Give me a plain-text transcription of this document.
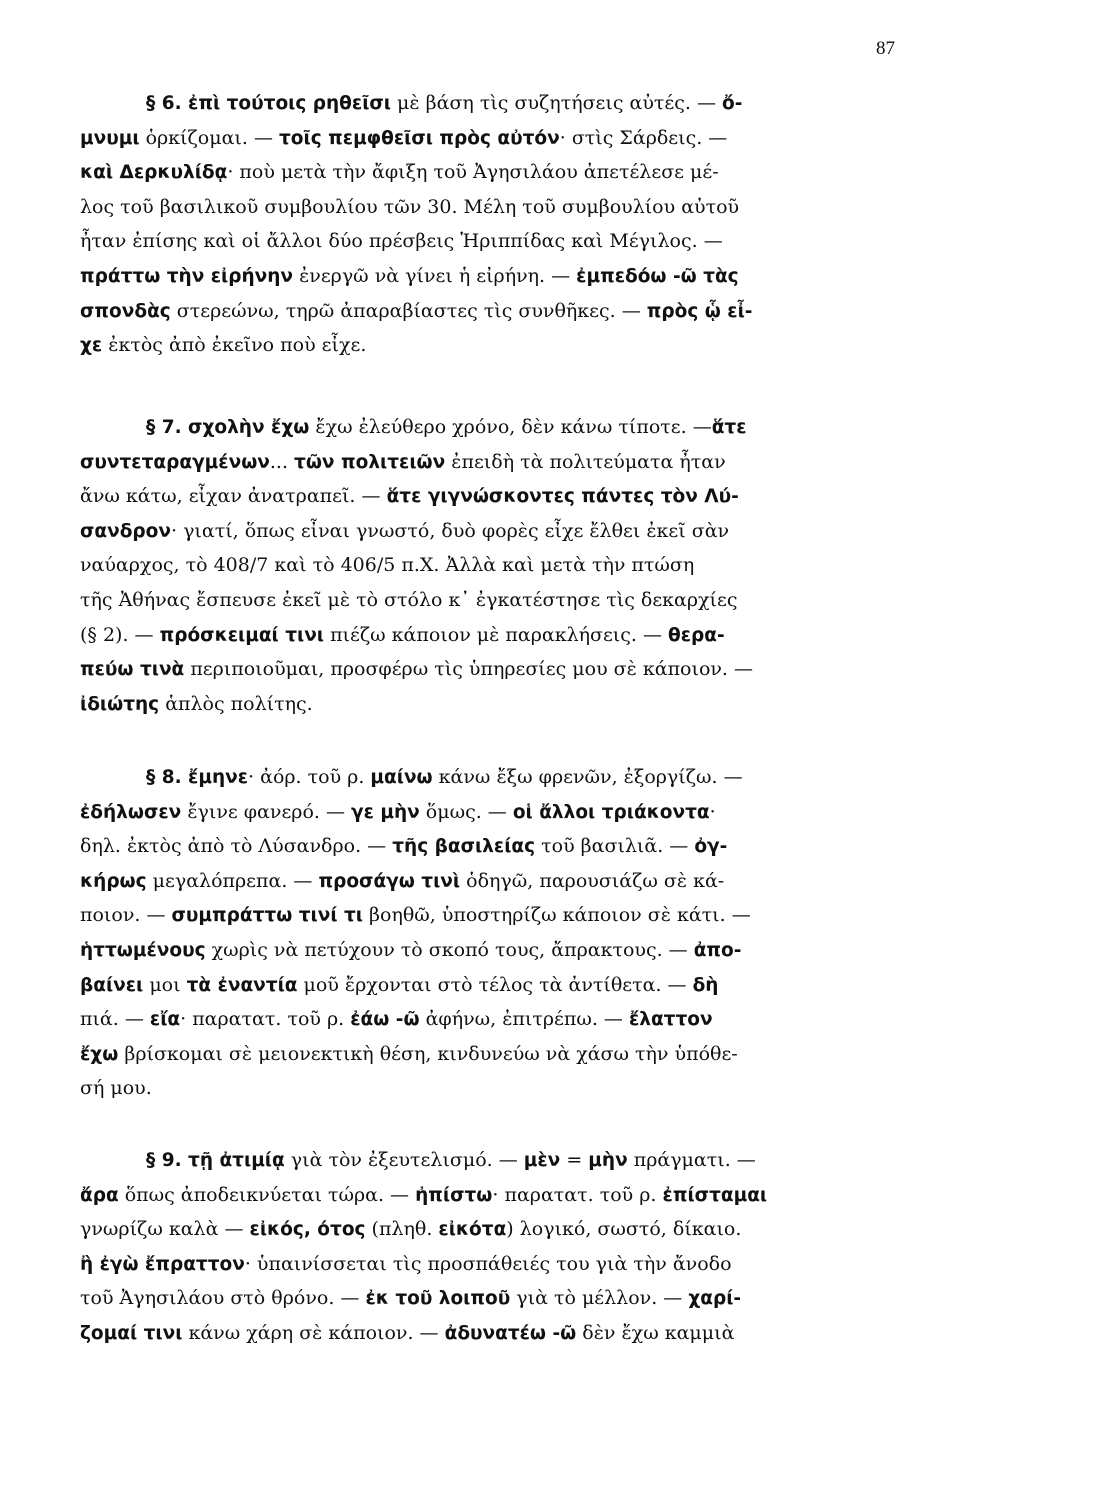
87
§ 6. ἐπὶ τούτοις ρηθεῖσι μὲ βάση τὶς συζητήσεις αὐτές. — ὄ-
μνυμι ὁρκίζομαι. — τοῖς πεμφθεῖσι πρὸς αὐτόν· στὶς Σάρδεις. —
καὶ Δερκυλίδᾳ· ποὺ μετὰ τὴν ἄφιξη τοῦ Ἀγησιλάου ἀπετέλεσε μέ-
λος τοῦ βασιλικοῦ συμβουλίου τῶν 30. Μέλη τοῦ συμβουλίου αὐτοῦ
ἦταν ἐπίσης καὶ οἱ ἄλλοι δύο πρέσβεις Ἡριππίδας καὶ Μέγιλος. —
πράττω τὴν εἰρήνην ἐνεργῶ νὰ γίνει ἡ εἰρήνη. — ἐμπεδόω -ῶ τὰς
σπονδὰς στερεώνω, τηρῶ ἀπαραβίαστες τὶς συνθῆκες. — πρὸς ᾧ εἶ-
χε ἐκτὸς ἀπὸ ἐκεῖνο ποὺ εἶχε.
§ 7. σχολὴν ἔχω ἔχω ἐλεύθερο χρόνο, δὲν κάνω τίποτε. —ἅτε
συντεταραγμένων... τῶν πολιτειῶν ἐπειδὴ τὰ πολιτεύματα ἦταν
ἄνω κάτω, εἶχαν ἀνατραπεῖ. — ἅτε γιγνώσκοντες πάντες τὸν Λύ-
σανδρον· γιατί, ὅπως εἶναι γνωστό, δυὸ φορὲς εἶχε ἔλθει ἐκεῖ σὰν
ναύαρχος, τὸ 408/7 καὶ τὸ 406/5 π.Χ. Ἀλλὰ καὶ μετὰ τὴν πτώση
τῆς Ἀθήνας ἔσπευσε ἐκεῖ μὲ τὸ στόλο κ᾽ ἐγκατέστησε τὶς δεκαρχίες
(§ 2). — πρόσκειμαί τινι πιέζω κάποιον μὲ παρακλήσεις. — θερα-
πεύω τινὰ περιποιοῦμαι, προσφέρω τὶς ὑπηρεσίες μου σὲ κάποιον. —
ἰδιώτης ἁπλὸς πολίτης.
§ 8. ἔμηνε· ἀόρ. τοῦ ρ. μαίνω κάνω ἔξω φρενῶν, ἐξοργίζω. —
ἐδήλωσεν ἔγινε φανερό. — γε μὴν ὅμως. — οἱ ἄλλοι τριάκοντα·
δηλ. ἐκτὸς ἀπὸ τὸ Λύσανδρο. — τῆς βασιλείας τοῦ βασιλιᾶ. — ὀγ-
κήρως μεγαλόπρεπα. — προσάγω τινὶ ὁδηγῶ, παρουσιάζω σὲ κά-
ποιον. — συμπράττω τινί τι βοηθῶ, ὑποστηρίζω κάποιον σὲ κάτι. —
ἡττωμένους χωρὶς νὰ πετύχουν τὸ σκοπό τους, ἄπρακτους. — ἀπο-
βαίνει μοι τὰ ἐναντία μοῦ ἔρχονται στὸ τέλος τὰ ἀντίθετα. — δὴ
πιά. — εἴα· παρατατ. τοῦ ρ. ἐάω -ῶ ἀφήνω, ἐπιτρέπω. — ἔλαττον
ἔχω βρίσκομαι σὲ μειονεκτικὴ θέση, κινδυνεύω νὰ χάσω τὴν ὑπόθε-
σή μου.
§ 9. τῇ ἀτιμίᾳ γιὰ τὸν ἐξευτελισμό. — μὲν = μὴν πράγματι. —
ἄρα ὅπως ἀποδεικνύεται τώρα. — ἠπίστω· παρατατ. τοῦ ρ. ἐπίσταμαι
γνωρίζω καλὰ — εἰκός, ότος (πληθ. εἰκότα) λογικό, σωστό, δίκαιο.
ἢ ἐγὼ ἔπραττον· ὑπαινίσσεται τὶς προσπάθειές του γιὰ τὴν ἄνοδο
τοῦ Ἀγησιλάου στὸ θρόνο. — ἐκ τοῦ λοιποῦ γιὰ τὸ μέλλον. — χαρί-
ζομαί τινι κάνω χάρη σὲ κάποιον. — ἀδυνατέω -ῶ δὲν ἔχω καμμιὰ
